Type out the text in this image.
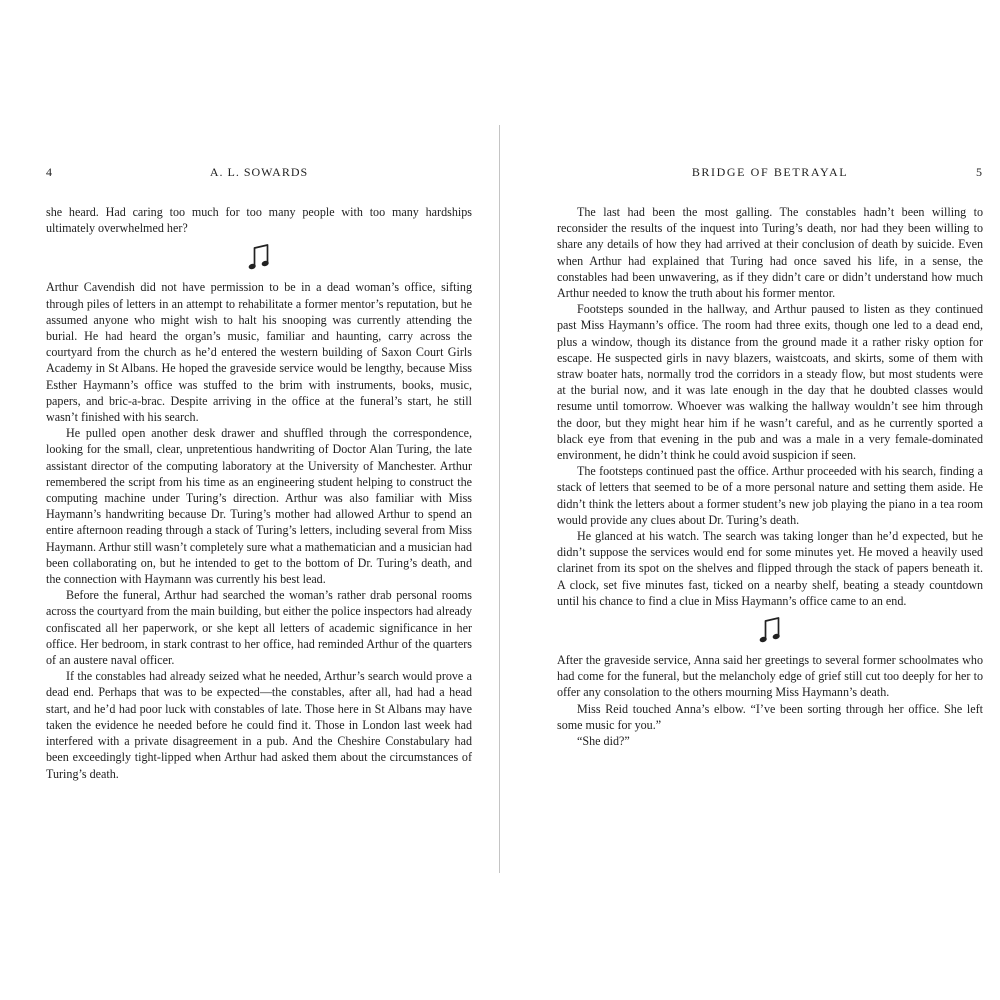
4	A. L. SOWARDS

she heard. Had caring too much for too many people with too many hardships ultimately overwhelmed her?

Arthur Cavendish did not have permission to be in a dead woman’s office, sifting through piles of letters in an attempt to rehabilitate a former mentor’s reputation, but he assumed anyone who might wish to halt his snooping was currently attending the burial. He had heard the organ’s music, familiar and haunting, carry across the courtyard from the church as he’d entered the western building of Saxon Court Girls Academy in St Albans. He hoped the graveside service would be lengthy, because Miss Esther Haymann’s office was stuffed to the brim with instruments, books, music, papers, and bric-a-brac. Despite arriving in the office at the funeral’s start, he still wasn’t finished with his search.

He pulled open another desk drawer and shuffled through the correspondence, looking for the small, clear, unpretentious handwriting of Doctor Alan Turing, the late assistant director of the computing laboratory at the University of Manchester. Arthur remembered the script from his time as an engineering student helping to construct the computing machine under Turing’s direction. Arthur was also familiar with Miss Haymann’s handwriting because Dr. Turing’s mother had allowed Arthur to spend an entire afternoon reading through a stack of Turing’s letters, including several from Miss Haymann. Arthur still wasn’t completely sure what a mathematician and a musician had been collaborating on, but he intended to get to the bottom of Dr. Turing’s death, and the connection with Haymann was currently his best lead.

Before the funeral, Arthur had searched the woman’s rather drab personal rooms across the courtyard from the main building, but either the police inspectors had already confiscated all her paperwork, or she kept all letters of academic significance in her office. Her bedroom, in stark contrast to her office, had reminded Arthur of the quarters of an austere naval officer.

If the constables had already seized what he needed, Arthur’s search would prove a dead end. Perhaps that was to be expected—the constables, after all, had had a head start, and he’d had poor luck with constables of late. Those here in St Albans may have taken the evidence he needed before he could find it. Those in London last week had interfered with a private disagreement in a pub. And the Cheshire Constabulary had been exceedingly tight-lipped when Arthur had asked them about the circumstances of Turing’s death.

BRIDGE OF BETRAYAL	5

The last had been the most galling. The constables hadn’t been willing to reconsider the results of the inquest into Turing’s death, nor had they been willing to share any details of how they had arrived at their conclusion of death by suicide. Even when Arthur had explained that Turing had once saved his life, in a sense, the constables had been unwavering, as if they didn’t care or didn’t understand how much Arthur needed to know the truth about his former mentor.

Footsteps sounded in the hallway, and Arthur paused to listen as they continued past Miss Haymann’s office. The room had three exits, though one led to a dead end, plus a window, though its distance from the ground made it a rather risky option for escape. He suspected girls in navy blazers, waistcoats, and skirts, some of them with straw boater hats, normally trod the corridors in a steady flow, but most students were at the burial now, and it was late enough in the day that he doubted classes would resume until tomorrow. Whoever was walking the hallway wouldn’t see him through the door, but they might hear him if he wasn’t careful, and as he currently sported a black eye from that evening in the pub and was a male in a very female-dominated environment, he didn’t think he could avoid suspicion if seen.

The footsteps continued past the office. Arthur proceeded with his search, finding a stack of letters that seemed to be of a more personal nature and setting them aside. He didn’t think the letters about a former student’s new job playing the piano in a tea room would provide any clues about Dr. Turing’s death.

He glanced at his watch. The search was taking longer than he’d expected, but he didn’t suppose the services would end for some minutes yet. He moved a heavily used clarinet from its spot on the shelves and flipped through the stack of papers beneath it. A clock, set five minutes fast, ticked on a nearby shelf, beating a steady countdown until his chance to find a clue in Miss Haymann’s office came to an end.

After the graveside service, Anna said her greetings to several former schoolmates who had come for the funeral, but the melancholy edge of grief still cut too deeply for her to offer any consolation to the others mourning Miss Haymann’s death.

Miss Reid touched Anna’s elbow. “I’ve been sorting through her office. She left some music for you.”

“She did?”
